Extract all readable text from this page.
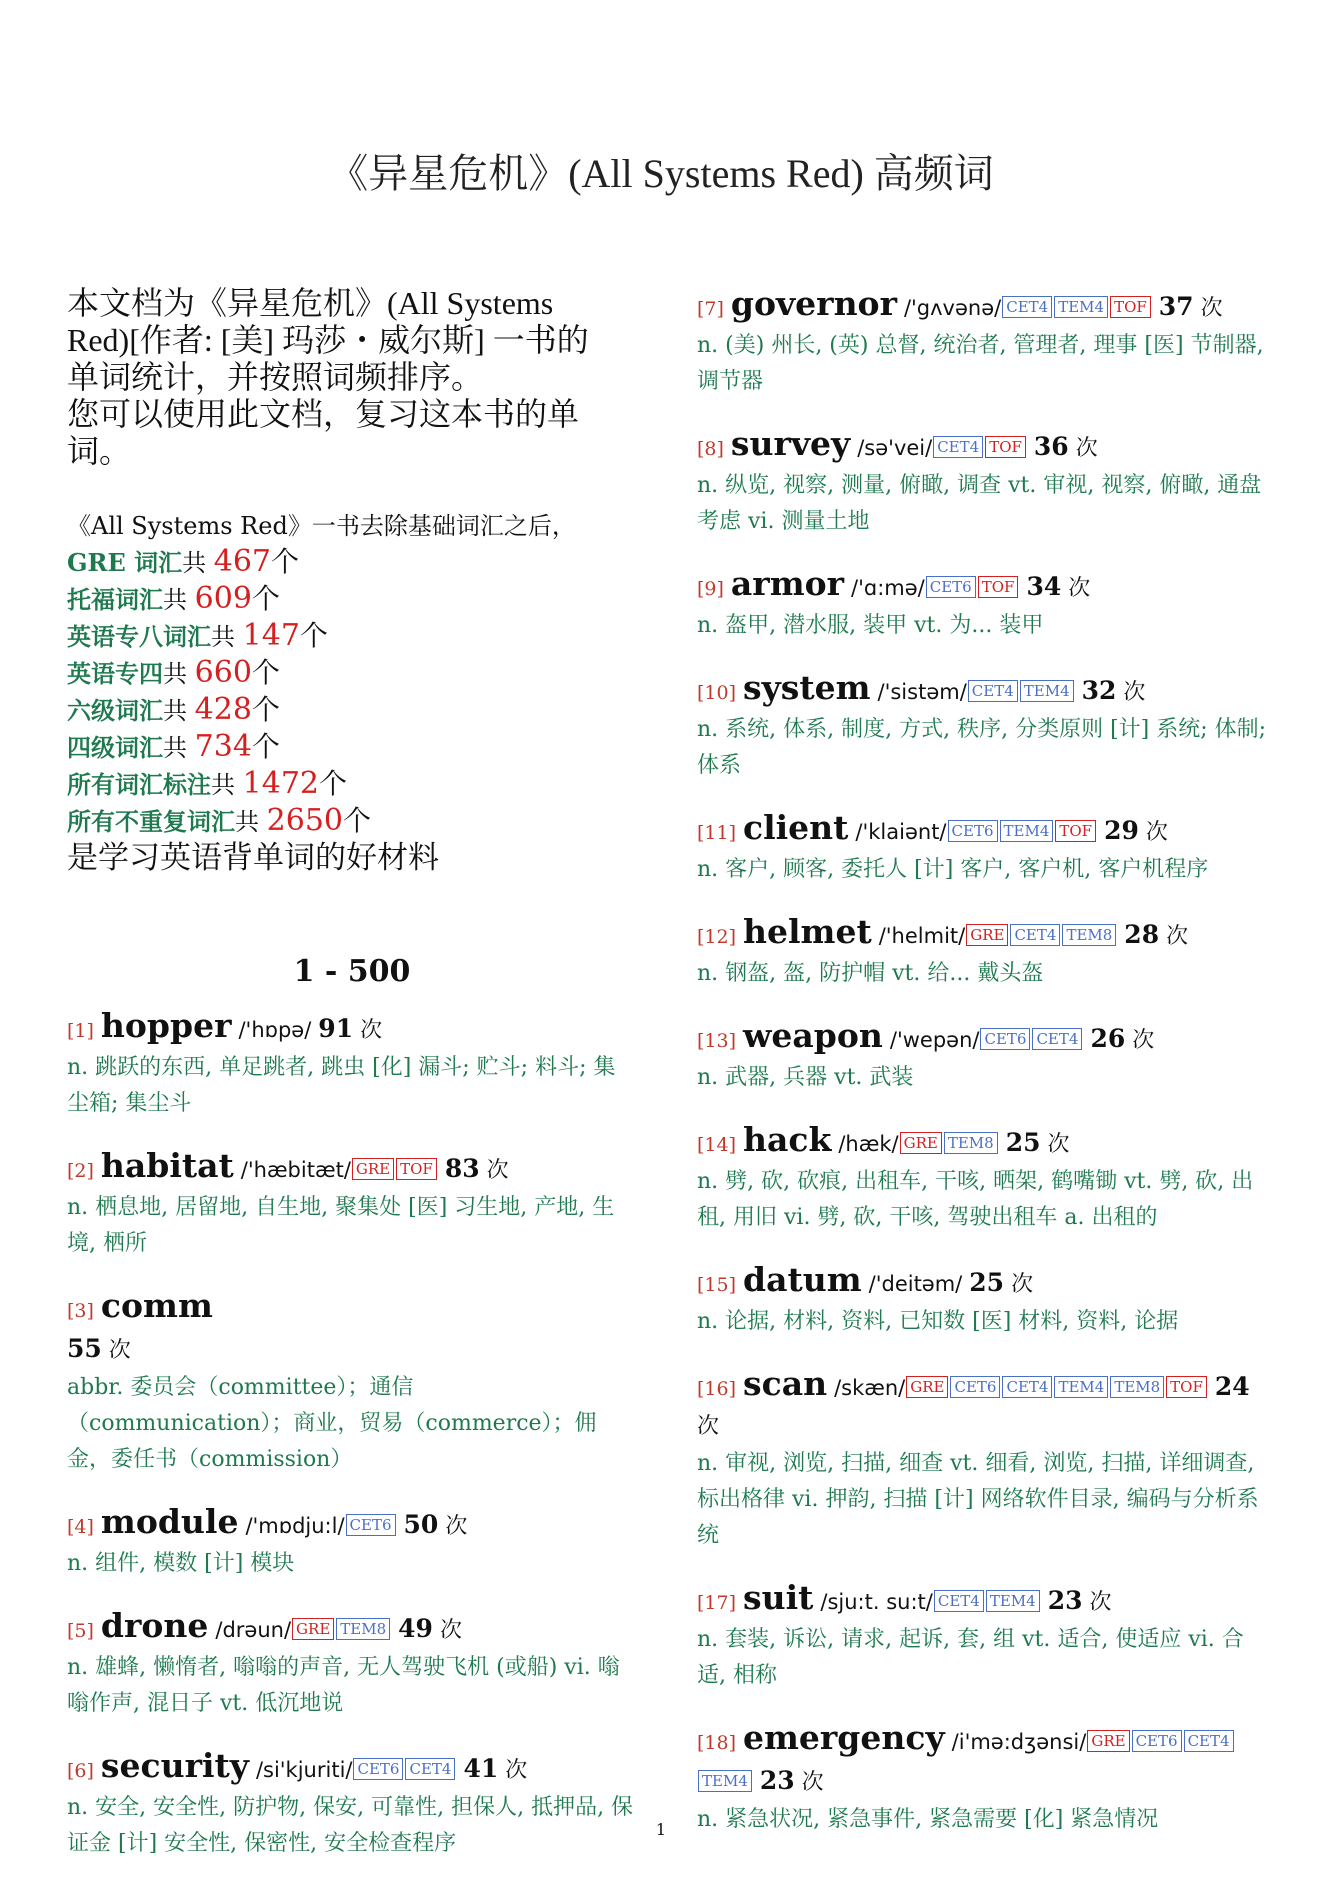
《异星危机》(All Systems Red) 高频词
本文档为《异星危机》(All Systems
Red)[作者: [美] 玛莎・威尔斯] 一书的
单词统计，并按照词频排序。
您可以使用此文档，复习这本书的单
词。
《All Systems Red》一书去除基础词汇之后，
GRE 词汇共 467个
托福词汇共 609个
英语专八词汇共 147个
英语专四共 660个
六级词汇共 428个
四级词汇共 734个
所有词汇标注共 1472个
所有不重复词汇共 2650个
是学习英语背单词的好材料
1 - 500
[1] hopper /'hɒpə/ 91 次
n. 跳跃的东西, 单足跳者, 跳虫 [化] 漏斗; 贮斗; 料斗; 集尘箱; 集尘斗
[2] habitat /'hæbitæt/ GRE TOF 83 次
n. 栖息地, 居留地, 自生地, 聚集处 [医] 习生地, 产地, 生境, 栖所
[3] comm
55 次
abbr. 委员会（committee）；通信（communication）；商业，贸易（commerce）；佣金，委任书（commission）
[4] module /'mɒdju:l/ CET6 50 次
n. 组件, 模数 [计] 模块
[5] drone /drəun/ GRE TEM8 49 次
n. 雄蜂, 懒惰者, 嗡嗡的声音, 无人驾驶飞机 (或船) vi. 嗡嗡作声, 混日子 vt. 低沉地说
[6] security /si'kjuriti/ CET6 CET4 41 次
n. 安全, 安全性, 防护物, 保安, 可靠性, 担保人, 抵押品, 保证金 [计] 安全性, 保密性, 安全检查程序
[7] governor /'gʌvənə/ CET4 TEM4 TOF 37 次
n. (美) 州长, (英) 总督, 统治者, 管理者, 理事 [医] 节制器, 调节器
[8] survey /sə'vei/ CET4 TOF 36 次
n. 纵览, 视察, 测量, 俯瞰, 调查 vt. 审视, 视察, 俯瞰, 通盘考虑 vi. 测量土地
[9] armor /'ɑ:mə/ CET6 TOF 34 次
n. 盔甲, 潜水服, 装甲 vt. 为... 装甲
[10] system /'sistəm/ CET4 TEM4 32 次
n. 系统, 体系, 制度, 方式, 秩序, 分类原则 [计] 系统; 体制; 体系
[11] client /'klaiənt/ CET6 TEM4 TOF 29 次
n. 客户, 顾客, 委托人 [计] 客户, 客户机, 客户机程序
[12] helmet /'helmit/ GRE CET4 TEM8 28 次
n. 钢盔, 盔, 防护帽 vt. 给... 戴头盔
[13] weapon /'wepən/ CET6 CET4 26 次
n. 武器, 兵器 vt. 武装
[14] hack /hæk/ GRE TEM8 25 次
n. 劈, 砍, 砍痕, 出租车, 干咳, 晒架, 鹤嘴锄 vt. 劈, 砍, 出租, 用旧 vi. 劈, 砍, 干咳, 驾驶出租车 a. 出租的
[15] datum /'deitəm/ 25 次
n. 论据, 材料, 资料, 已知数 [医] 材料, 资料, 论据
[16] scan /skæn/ GRE CET6 CET4 TEM4 TEM8 TOF 24 次
n. 审视, 浏览, 扫描, 细查 vt. 细看, 浏览, 扫描, 详细调查, 标出格律 vi. 押韵, 扫描 [计] 网络软件目录, 编码与分析系统
[17] suit /sju:t. su:t/ CET4 TEM4 23 次
n. 套装, 诉讼, 请求, 起诉, 套, 组 vt. 适合, 使适应 vi. 合适, 相称
[18] emergency /i'mə:dʒənsi/ GRE CET6 CET4TEM4 23 次
n. 紧急状况, 紧急事件, 紧急需要 [化] 紧急情况
1
